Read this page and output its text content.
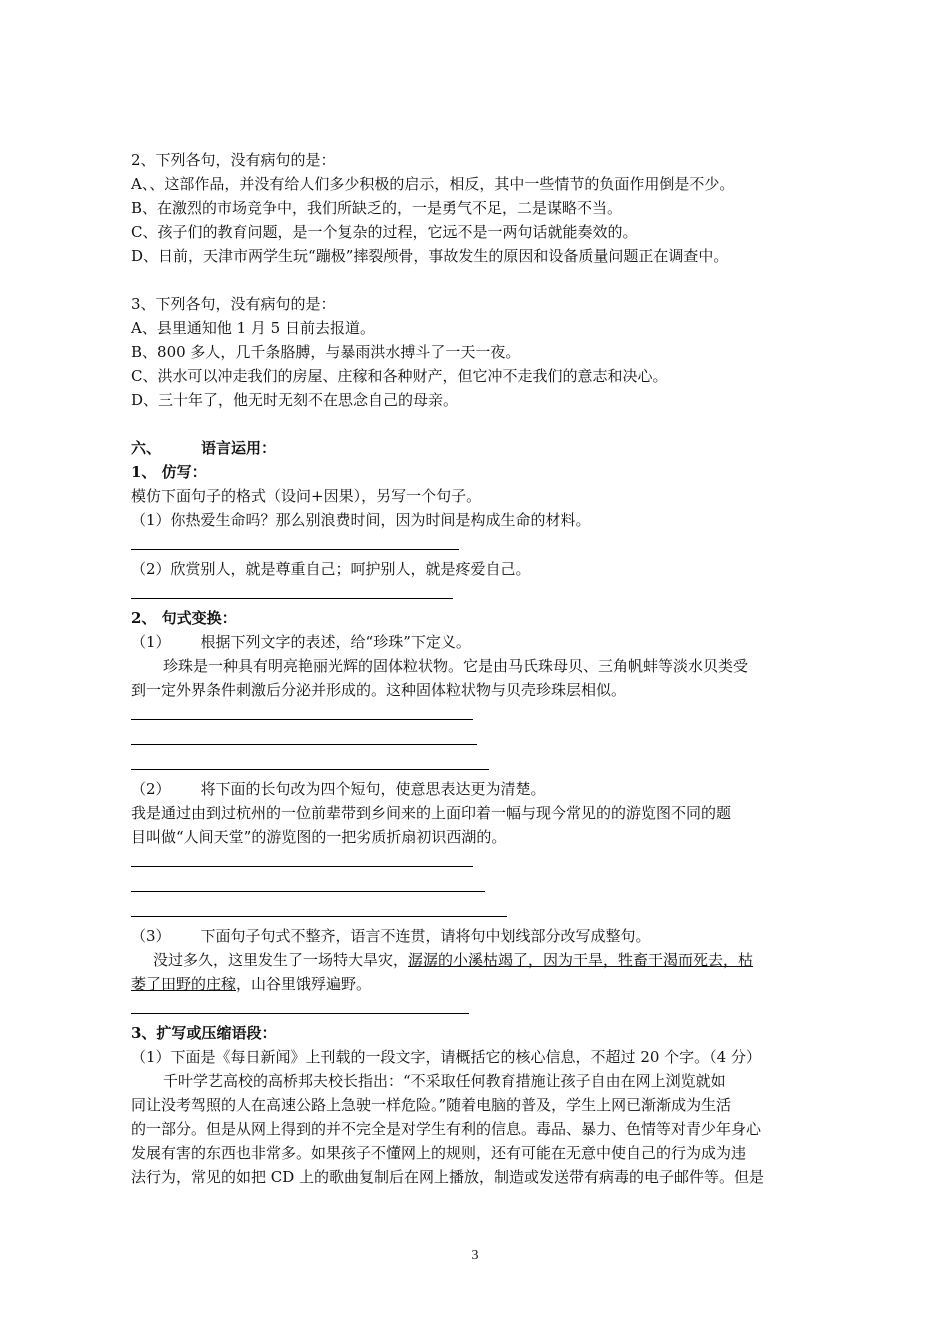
2、下列各句，没有病句的是：
A、、这部作品，并没有给人们多少积极的启示，相反，其中一些情节的负面作用倒是不少。
B、在激烈的市场竞争中，我们所缺乏的，一是勇气不足，二是谋略不当。
C、孩子们的教育问题，是一个复杂的过程，它远不是一两句话就能奏效的。
D、日前，天津市两学生玩“蹦极”摔裂颅骨，事故发生的原因和设备质量问题正在调查中。
3、下列各句，没有病句的是：
A、县里通知他 1 月 5 日前去报道。
B、800 多人，几千条胳膊，与暴雨洪水搏斗了一天一夜。
C、洪水可以冲走我们的房屋、庄稼和各种财产，但它冲不走我们的意志和决心。
D、三十年了，他无时无刻不在思念自己的母亲。
六、	语言运用：
1、 仿写：
模仿下面句子的格式（设问+因果），另写一个句子。
（1）你热爱生命吗？那么别浪费时间，因为时间是构成生命的材料。
（2）欣赏别人，就是尊重自己；呵护别人，就是疼爱自己。
2、 句式变换：
（1） 根据下列文字的表述，给“珍珠”下定义。
珍珠是一种具有明亮艳丽光辉的固体粒状物。它是由马氏珠母贝、三角帆蚌等淡水贝类受
到一定外界条件刺激后分泌并形成的。这种固体粒状物与贝壳珍珠层相似。
（2） 将下面的长句改为四个短句，使意思表达更为清楚。
我是通过由到过杭州的一位前辈带到乡间来的上面印着一幅与现今常见的的游览图不同的题
目叫做“人间天堂”的游览图的一把劣质折扇初识西湖的。
（3） 下面句子句式不整齐，语言不连贯，请将句中划线部分改写成整句。
没过多久，这里发生了一场特大旱灾，潺潺的小溪枯竭了，因为干旱，牲畜干渴而死去，枯
萎了田野的庄稼，山谷里饿殍遍野。
3、扩写或压缩语段：
（1）下面是《每日新闻》上刊载的一段文字，请概括它的核心信息，不超过 20 个字。（4 分）
千叶学艺高校的高桥邦夫校长指出：“不采取任何教育措施让孩子自由在网上浏览就如
同让没考驾照的人在高速公路上急驶一样危险。”随着电脑的普及，学生上网已渐渐成为生活
的一部分。但是从网上得到的并不完全是对学生有利的信息。毒品、暴力、色情等对青少年身心
发展有害的东西也非常多。如果孩子不懂网上的规则，还有可能在无意中使自己的行为成为违
法行为，常见的如把 CD 上的歌曲复制后在网上播放，制造或发送带有病毒的电子邮件等。但是
3
